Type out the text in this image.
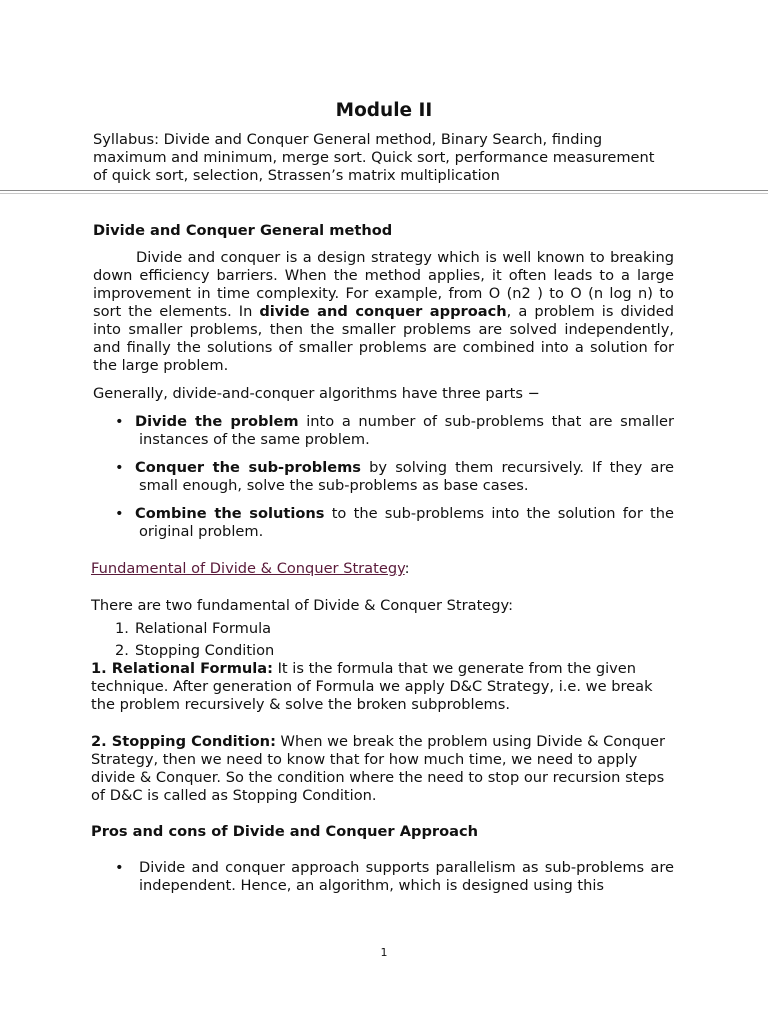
Module II
Syllabus: Divide and Conquer General method, Binary Search, finding
maximum and minimum, merge sort. Quick sort, performance measurement
of quick sort, selection, Strassen’s matrix multiplication
Divide and Conquer General method
Divide and conquer is a design strategy which is well known to breaking down efficiency barriers. When the method applies, it often leads to a large improvement in time complexity. For example, from O (n2 ) to O (n log n) to sort the elements. In divide and conquer approach, a problem is divided into smaller problems, then the smaller problems are solved independently, and finally the solutions of smaller problems are combined into a solution for the large problem.
Generally, divide-and-conquer algorithms have three parts −
• Divide the problem into a number of sub-problems that are smaller instances of the same problem.
• Conquer the sub-problems by solving them recursively. If they are small enough, solve the sub-problems as base cases.
• Combine the solutions to the sub-problems into the solution for the original problem.
Fundamental of Divide & Conquer Strategy:
There are two fundamental of Divide & Conquer Strategy:
1. Relational Formula
2. Stopping Condition
1. Relational Formula: It is the formula that we generate from the given technique. After generation of Formula we apply D&C Strategy, i.e. we break the problem recursively & solve the broken subproblems.
2. Stopping Condition: When we break the problem using Divide & Conquer Strategy, then we need to know that for how much time, we need to apply divide & Conquer. So the condition where the need to stop our recursion steps of D&C is called as Stopping Condition.
Pros and cons of Divide and Conquer Approach
• Divide and conquer approach supports parallelism as sub-problems are independent. Hence, an algorithm, which is designed using this
1
